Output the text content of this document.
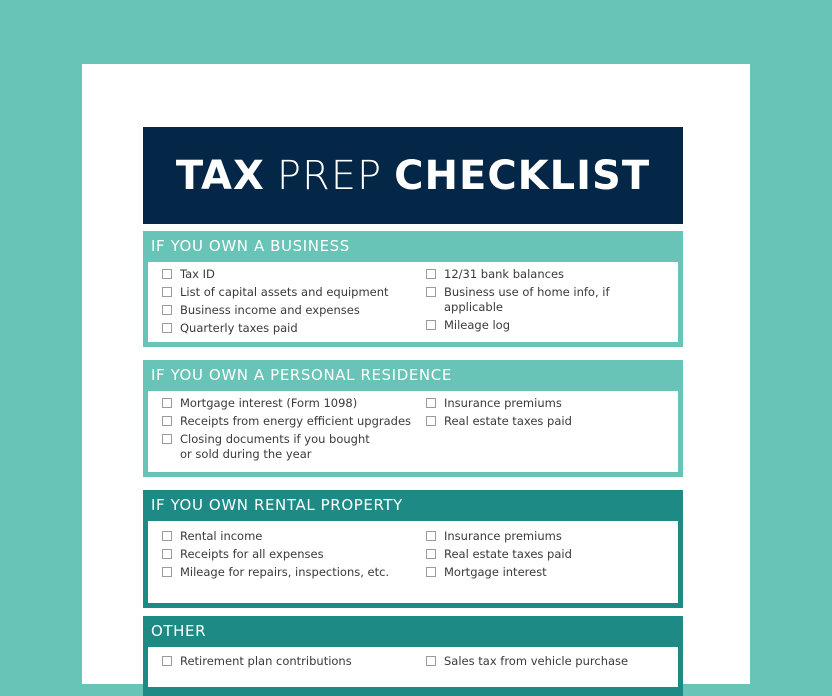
TAX PREP CHECKLIST
IF YOU OWN A BUSINESS
Tax ID
List of capital assets and equipment
Business income and expenses
Quarterly taxes paid
12/31 bank balances
Business use of home info, if applicable
Mileage log
IF YOU OWN A PERSONAL RESIDENCE
Mortgage interest (Form 1098)
Receipts from energy efficient upgrades
Closing documents if you bought
or sold during the year
Insurance premiums
Real estate taxes paid
IF YOU OWN RENTAL PROPERTY
Rental income
Receipts for all expenses
Mileage for repairs, inspections, etc.
Insurance premiums
Real estate taxes paid
Mortgage interest
OTHER
Retirement plan contributions	Sales tax from vehicle purchase
